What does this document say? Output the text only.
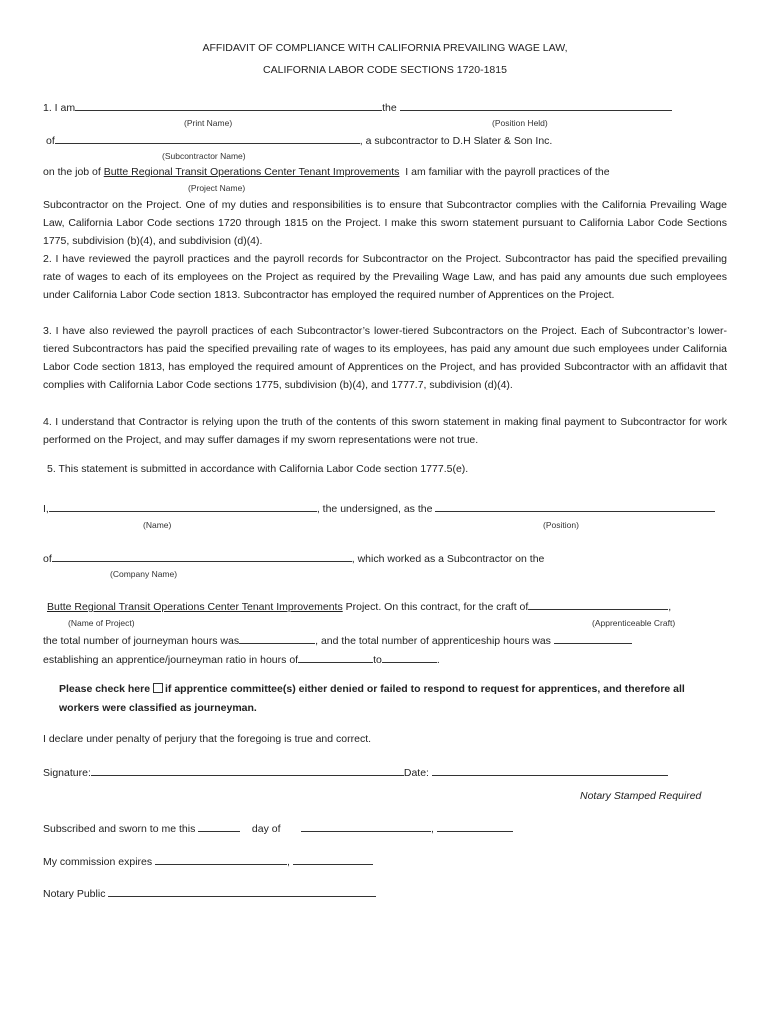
AFFIDAVIT OF COMPLIANCE WITH CALIFORNIA PREVAILING WAGE LAW,
CALIFORNIA LABOR CODE SECTIONS 1720-1815
1. I am	the
(Print Name)	(Position Held)
of	, a subcontractor to D.H Slater & Son Inc.
(Subcontractor Name)
on the job of Butte Regional Transit Operations Center Tenant Improvements I am familiar with the payroll practices of the
(Project Name)
Subcontractor on the Project. One of my duties and responsibilities is to ensure that Subcontractor complies with the California Prevailing Wage Law, California Labor Code sections 1720 through 1815 on the Project. I make this sworn statement pursuant to California Labor Code Sections 1775, subdivision (b)(4), and subdivision (d)(4).
2. I have reviewed the payroll practices and the payroll records for Subcontractor on the Project. Subcontractor has paid the specified prevailing rate of wages to each of its employees on the Project as required by the Prevailing Wage Law, and has paid any amounts due such employees under California Labor Code section 1813. Subcontractor has employed the required number of Apprentices on the Project.
3. I have also reviewed the payroll practices of each Subcontractor’s lower-tiered Subcontractors on the Project. Each of Subcontractor’s lower-tiered Subcontractors has paid the specified prevailing rate of wages to its employees, has paid any amount due such employees under California Labor Code section 1813, has employed the required amount of Apprentices on the Project, and has provided Subcontractor with an affidavit that complies with California Labor Code sections 1775, subdivision (b)(4), and 1777.7, subdivision (d)(4).
4. I understand that Contractor is relying upon the truth of the contents of this sworn statement in making final payment to Subcontractor for work performed on the Project, and may suffer damages if my sworn representations were not true.
5. This statement is submitted in accordance with California Labor Code section 1777.5(e).
I,	, the undersigned, as the
(Name)	(Position)
of	, which worked as a Subcontractor on the
(Company Name)
Butte Regional Transit Operations Center Tenant Improvements Project. On this contract, for the craft of	,
(Name of Project)	(Apprenticeable Craft)
the total number of journeyman hours was	, and the total number of apprenticeship hours was
establishing an apprentice/journeyman ratio in hours of	to	.
Please check here if apprentice committee(s) either denied or failed to respond to request for apprentices, and therefore all
workers were classified as journeyman.
I declare under penalty of perjury that the foregoing is true and correct.
Signature:	Date:
Notary Stamped Required
Subscribed and sworn to me this	day of	,
My commission expires	,
Notary Public
